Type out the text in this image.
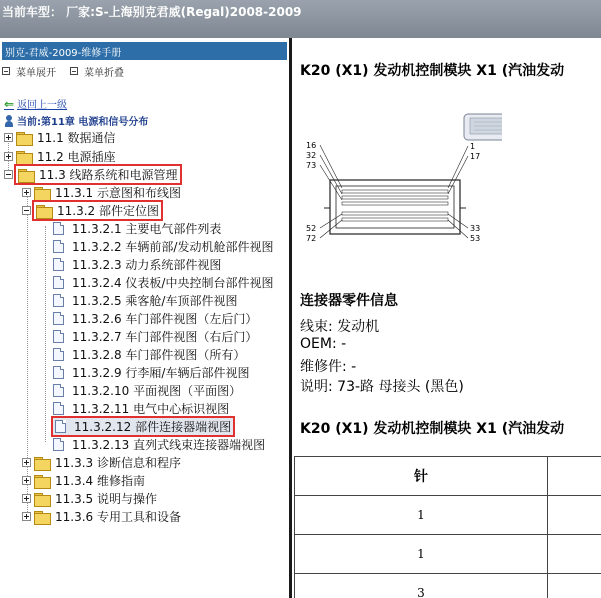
当前车型： 厂家:S-上海别克君威(Regal)2008-2009
别克-君威-2009-维修手册
菜单展开	菜单折叠
⇐ 返回上一级
当前:第11章 电源和信号分布
11.1 数据通信
11.2 电源插座
11.3 线路系统和电源管理
11.3.1 示意图和布线图
11.3.2 部件定位图
11.3.2.1 主要电气部件列表
11.3.2.2 车辆前部/发动机舱部件视图
11.3.2.3 动力系统部件视图
11.3.2.4 仪表板/中央控制台部件视图
11.3.2.5 乘客舱/车顶部件视图
11.3.2.6 车门部件视图（左后门）
11.3.2.7 车门部件视图（右后门）
11.3.2.8 车门部件视图（所有）
11.3.2.9 行李厢/车辆后部件视图
11.3.2.10 平面视图（平面图）
11.3.2.11 电气中心标识视图
11.3.2.12 部件连接器端视图
11.3.2.13 直列式线束连接器端视图
11.3.3 诊断信息和程序
11.3.4 维修指南
11.3.5 说明与操作
11.3.6 专用工具和设备
K20 (X1) 发动机控制模块 X1 (汽油发动
16
32
73
52
72
1
17
33
53
连接器零件信息
线束: 发动机
OEM: -
维修件: -
说明: 73-路 母接头 (黑色)
K20 (X1) 发动机控制模块 X1 (汽油发动
针	
1	
1	
3	
